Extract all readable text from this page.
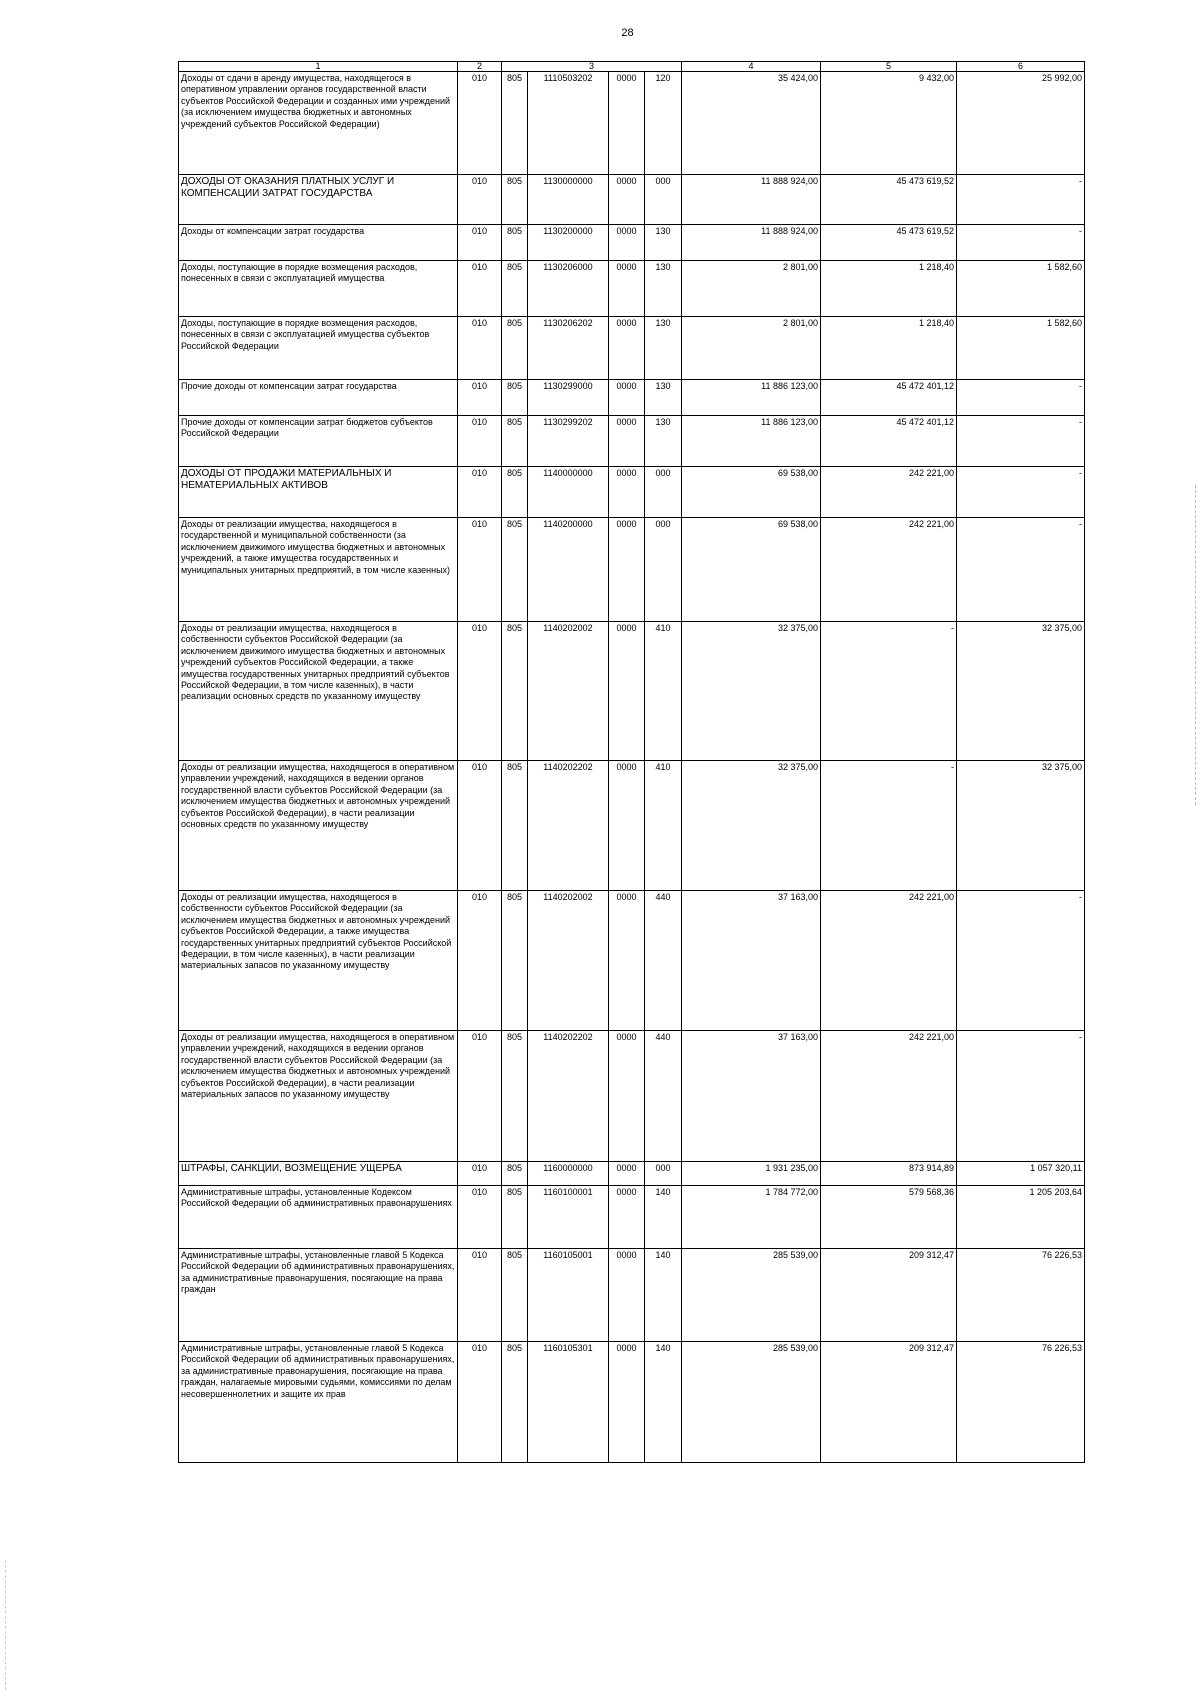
28
1	2	3				4	5	6
Доходы от сдачи в аренду имущества, находящегося в оперативном управлении органов государственной власти субъектов Российской Федерации и созданных ими учреждений (за исключением имущества бюджетных и автономных учреждений субъектов Российской Федерации)	010	805	1110503202	0000	120	35 424,00	9 432,00	25 992,00
ДОХОДЫ ОТ ОКАЗАНИЯ ПЛАТНЫХ УСЛУГ И КОМПЕНСАЦИИ ЗАТРАТ ГОСУДАРСТВА	010	805	1130000000	0000	000	11 888 924,00	45 473 619,52	-
Доходы от компенсации затрат государства	010	805	1130200000	0000	130	11 888 924,00	45 473 619,52	-
Доходы, поступающие в порядке возмещения расходов, понесенных в связи с эксплуатацией имущества	010	805	1130206000	0000	130	2 801,00	1 218,40	1 582,60
Доходы, поступающие в порядке возмещения расходов, понесенных в связи с эксплуатацией имущества субъектов Российской Федерации	010	805	1130206202	0000	130	2 801,00	1 218,40	1 582,60
Прочие доходы от компенсации затрат государства	010	805	1130299000	0000	130	11 886 123,00	45 472 401,12	-
Прочие доходы от компенсации затрат бюджетов субъектов Российской Федерации	010	805	1130299202	0000	130	11 886 123,00	45 472 401,12	-
ДОХОДЫ ОТ ПРОДАЖИ МАТЕРИАЛЬНЫХ И НЕМАТЕРИАЛЬНЫХ АКТИВОВ	010	805	1140000000	0000	000	69 538,00	242 221,00	-
Доходы от реализации имущества, находящегося в государственной и муниципальной собственности (за исключением движимого имущества бюджетных и автономных учреждений, а также имущества государственных и муниципальных унитарных предприятий, в том числе казенных)	010	805	1140200000	0000	000	69 538,00	242 221,00	-
Доходы от реализации имущества, находящегося в собственности субъектов Российской Федерации (за исключением движимого имущества бюджетных и автономных учреждений субъектов Российской Федерации, а также имущества государственных унитарных предприятий субъектов Российской Федерации, в том числе казенных), в части реализации основных средств по указанному имуществу	010	805	1140202002	0000	410	32 375,00	-	32 375,00
Доходы от реализации имущества, находящегося в оперативном управлении учреждений, находящихся в ведении органов государственной власти субъектов Российской Федерации (за исключением имущества бюджетных и автономных учреждений субъектов Российской Федерации), в части реализации основных средств по указанному имуществу	010	805	1140202202	0000	410	32 375,00	-	32 375,00
Доходы от реализации имущества, находящегося в собственности субъектов Российской Федерации (за исключением имущества бюджетных и автономных учреждений субъектов Российской Федерации, а также имущества государственных унитарных предприятий субъектов Российской Федерации, в том числе казенных), в части реализации материальных запасов по указанному имуществу	010	805	1140202002	0000	440	37 163,00	242 221,00	-
Доходы от реализации имущества, находящегося в оперативном управлении учреждений, находящихся в ведении органов государственной власти субъектов Российской Федерации (за исключением имущества бюджетных и автономных учреждений субъектов Российской Федерации), в части реализации материальных запасов по указанному имуществу	010	805	1140202202	0000	440	37 163,00	242 221,00	-
ШТРАФЫ, САНКЦИИ, ВОЗМЕЩЕНИЕ УЩЕРБА	010	805	1160000000	0000	000	1 931 235,00	873 914,89	1 057 320,11
Административные штрафы, установленные Кодексом Российской Федерации об административных правонарушениях	010	805	1160100001	0000	140	1 784 772,00	579 568,36	1 205 203,64
Административные штрафы, установленные главой 5 Кодекса Российской Федерации об административных правонарушениях, за административные правонарушения, посягающие на права граждан	010	805	1160105001	0000	140	285 539,00	209 312,47	76 226,53
Административные штрафы, установленные главой 5 Кодекса Российской Федерации об административных правонарушениях, за административные правонарушения, посягающие на права граждан, налагаемые мировыми судьями, комиссиями по делам несовершеннолетних и защите их прав	010	805	1160105301	0000	140	285 539,00	209 312,47	76 226,53
